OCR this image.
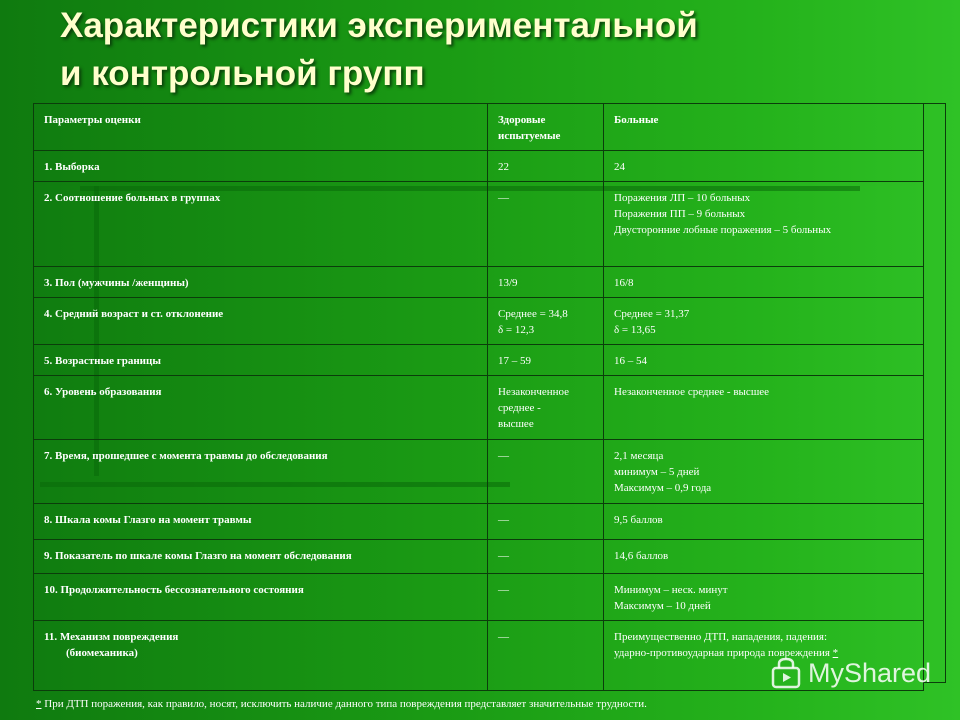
Характеристики экспериментальной
и контрольной групп
Параметры оценки	Здоровые испытуемые	Больные
1. Выборка	22	24
2. Соотношение больных в группах	—	Поражения ЛП – 10 больных
Поражения ПП – 9 больных
Двусторонние лобные поражения – 5 больных
3. Пол (мужчины /женщины)	13/9	16/8
4. Средний возраст и ст. отклонение	Среднее = 34,8
δ = 12,3	Среднее = 31,37
δ = 13,65
5. Возрастные границы	17 – 59	16 – 54
6. Уровень образования	Незаконченное
среднее -
высшее	Незаконченное среднее - высшее
7. Время, прошедшее с момента травмы до обследования	—	2,1 месяца
минимум – 5 дней
Максимум – 0,9 года
8. Шкала комы Глазго на момент травмы	—	9,5 баллов
9. Показатель по шкале комы Глазго на момент обследования	—	14,6 баллов
10. Продолжительность бессознательного состояния	—	Минимум – неск. минут
Максимум – 10 дней
11. Механизм повреждения
(биомеханика)	—	Преимущественно ДТП, нападения, падения:
ударно-противоударная природа повреждения *

* При ДТП поражения, как правило, носят, исключить наличие данного типа повреждения представляет значительные трудности.

MyShared
